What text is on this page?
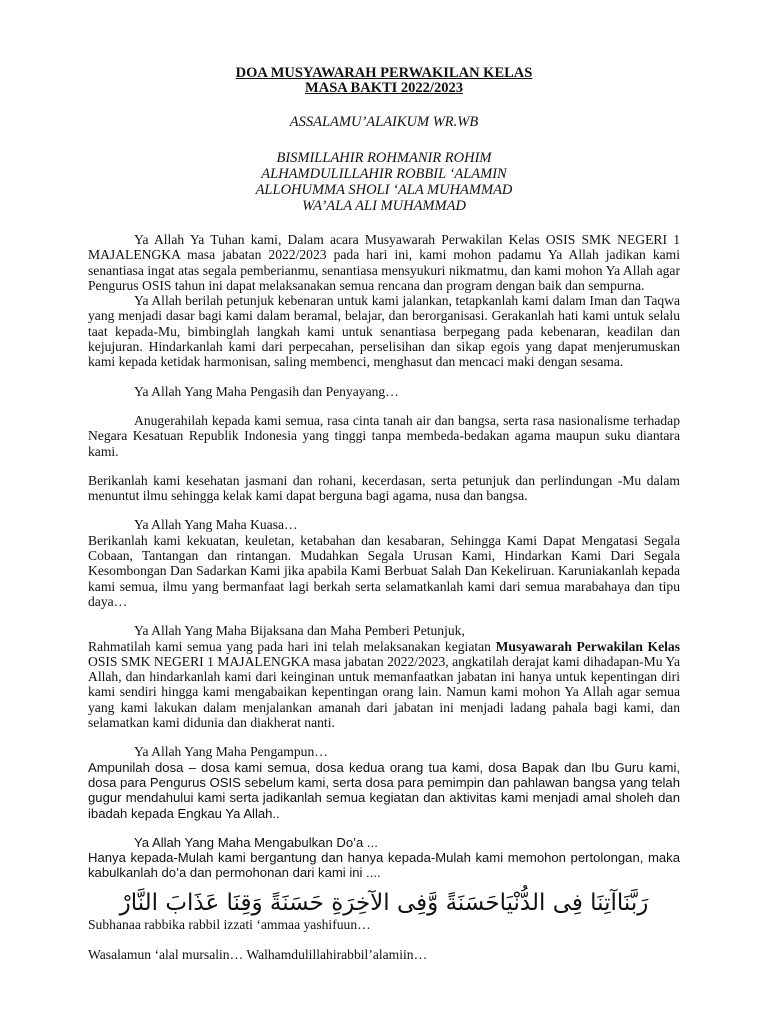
DOA MUSYAWARAH PERWAKILAN KELAS
MASA BAKTI 2022/2023
ASSALAMU’ALAIKUM WR.WB
BISMILLAHIR ROHMANIR ROHIM
ALHAMDULILLAHIR ROBBIL ‘ALAMIN
ALLOHUMMA SHOLI ‘ALA MUHAMMAD
WA’ALA ALI MUHAMMAD

Ya Allah Ya Tuhan kami, Dalam acara Musyawarah Perwakilan Kelas OSIS SMK NEGERI 1 MAJALENGKA masa jabatan 2022/2023 pada hari ini, kami mohon padamu Ya Allah jadikan kami senantiasa ingat atas segala pemberianmu, senantiasa mensyukuri nikmatmu, dan kami mohon Ya Allah agar Pengurus OSIS tahun ini dapat melaksanakan semua rencana dan program dengan baik dan sempurna.

Ya Allah berilah petunjuk kebenaran untuk kami jalankan, tetapkanlah kami dalam Iman dan Taqwa yang menjadi dasar bagi kami dalam beramal, belajar, dan berorganisasi. Gerakanlah hati kami untuk selalu taat kepada-Mu, bimbinglah langkah kami untuk senantiasa berpegang pada kebenaran, keadilan dan kejujuran. Hindarkanlah kami dari perpecahan, perselisihan dan sikap egois yang dapat menjerumuskan kami kepada ketidak harmonisan, saling membenci, menghasut dan mencaci maki dengan sesama.

Ya Allah Yang Maha Pengasih dan Penyayang…

Anugerahilah kepada kami semua, rasa cinta tanah air dan bangsa, serta rasa nasionalisme terhadap Negara Kesatuan Republik Indonesia yang tinggi tanpa membeda-bedakan agama maupun suku diantara kami.

Berikanlah kami kesehatan jasmani dan rohani, kecerdasan, serta petunjuk dan perlindungan -Mu dalam menuntut ilmu sehingga kelak kami dapat berguna bagi agama, nusa dan bangsa.

Ya Allah Yang Maha Kuasa…

Berikanlah kami kekuatan, keuletan, ketabahan dan kesabaran, Sehingga Kami Dapat Mengatasi Segala Cobaan, Tantangan dan rintangan. Mudahkan Segala Urusan Kami, Hindarkan Kami Dari Segala Kesombongan Dan Sadarkan Kami jika apabila Kami Berbuat Salah Dan Kekeliruan. Karuniakanlah kepada kami semua, ilmu yang bermanfaat lagi berkah serta selamatkanlah kami dari semua marabahaya dan tipu daya…

Ya Allah Yang Maha Bijaksana dan Maha Pemberi Petunjuk,

Rahmatilah kami semua yang pada hari ini telah melaksanakan kegiatan Musyawarah Perwakilan Kelas OSIS SMK NEGERI 1 MAJALENGKA masa jabatan 2022/2023, angkatilah derajat kami dihadapan-Mu Ya Allah, dan hindarkanlah kami dari keinginan untuk memanfaatkan jabatan ini hanya untuk kepentingan diri kami sendiri hingga kami mengabaikan kepentingan orang lain. Namun kami mohon Ya Allah agar semua yang kami lakukan dalam menjalankan amanah dari jabatan ini menjadi ladang pahala bagi kami, dan selamatkan kami didunia dan diakherat nanti.

Ya Allah Yang Maha Pengampun…

Ampunilah dosa – dosa kami semua, dosa kedua orang tua kami, dosa Bapak dan Ibu Guru kami, dosa para Pengurus OSIS sebelum kami, serta dosa para pemimpin dan pahlawan bangsa yang telah gugur mendahului kami serta jadikanlah semua kegiatan dan aktivitas kami menjadi amal sholeh dan ibadah kepada Engkau Ya Allah..

Ya Allah Yang Maha Mengabulkan Do’a ...

Hanya kepada-Mulah kami bergantung dan hanya kepada-Mulah kami memohon pertolongan, maka kabulkanlah do’a dan permohonan dari kami ini ....

رَبَّنَاآتِنَا فِى الدُّنْيَاحَسَنَةً وَّفِى الآخِرَةِ حَسَنَةً وَقِنَا عَذَابَ النَّارْ

Subhanaa rabbika rabbil izzati ‘ammaa yashifuun…

Wasalamun ‘alal mursalin… Walhamdulillahirabbil’alamiin…
